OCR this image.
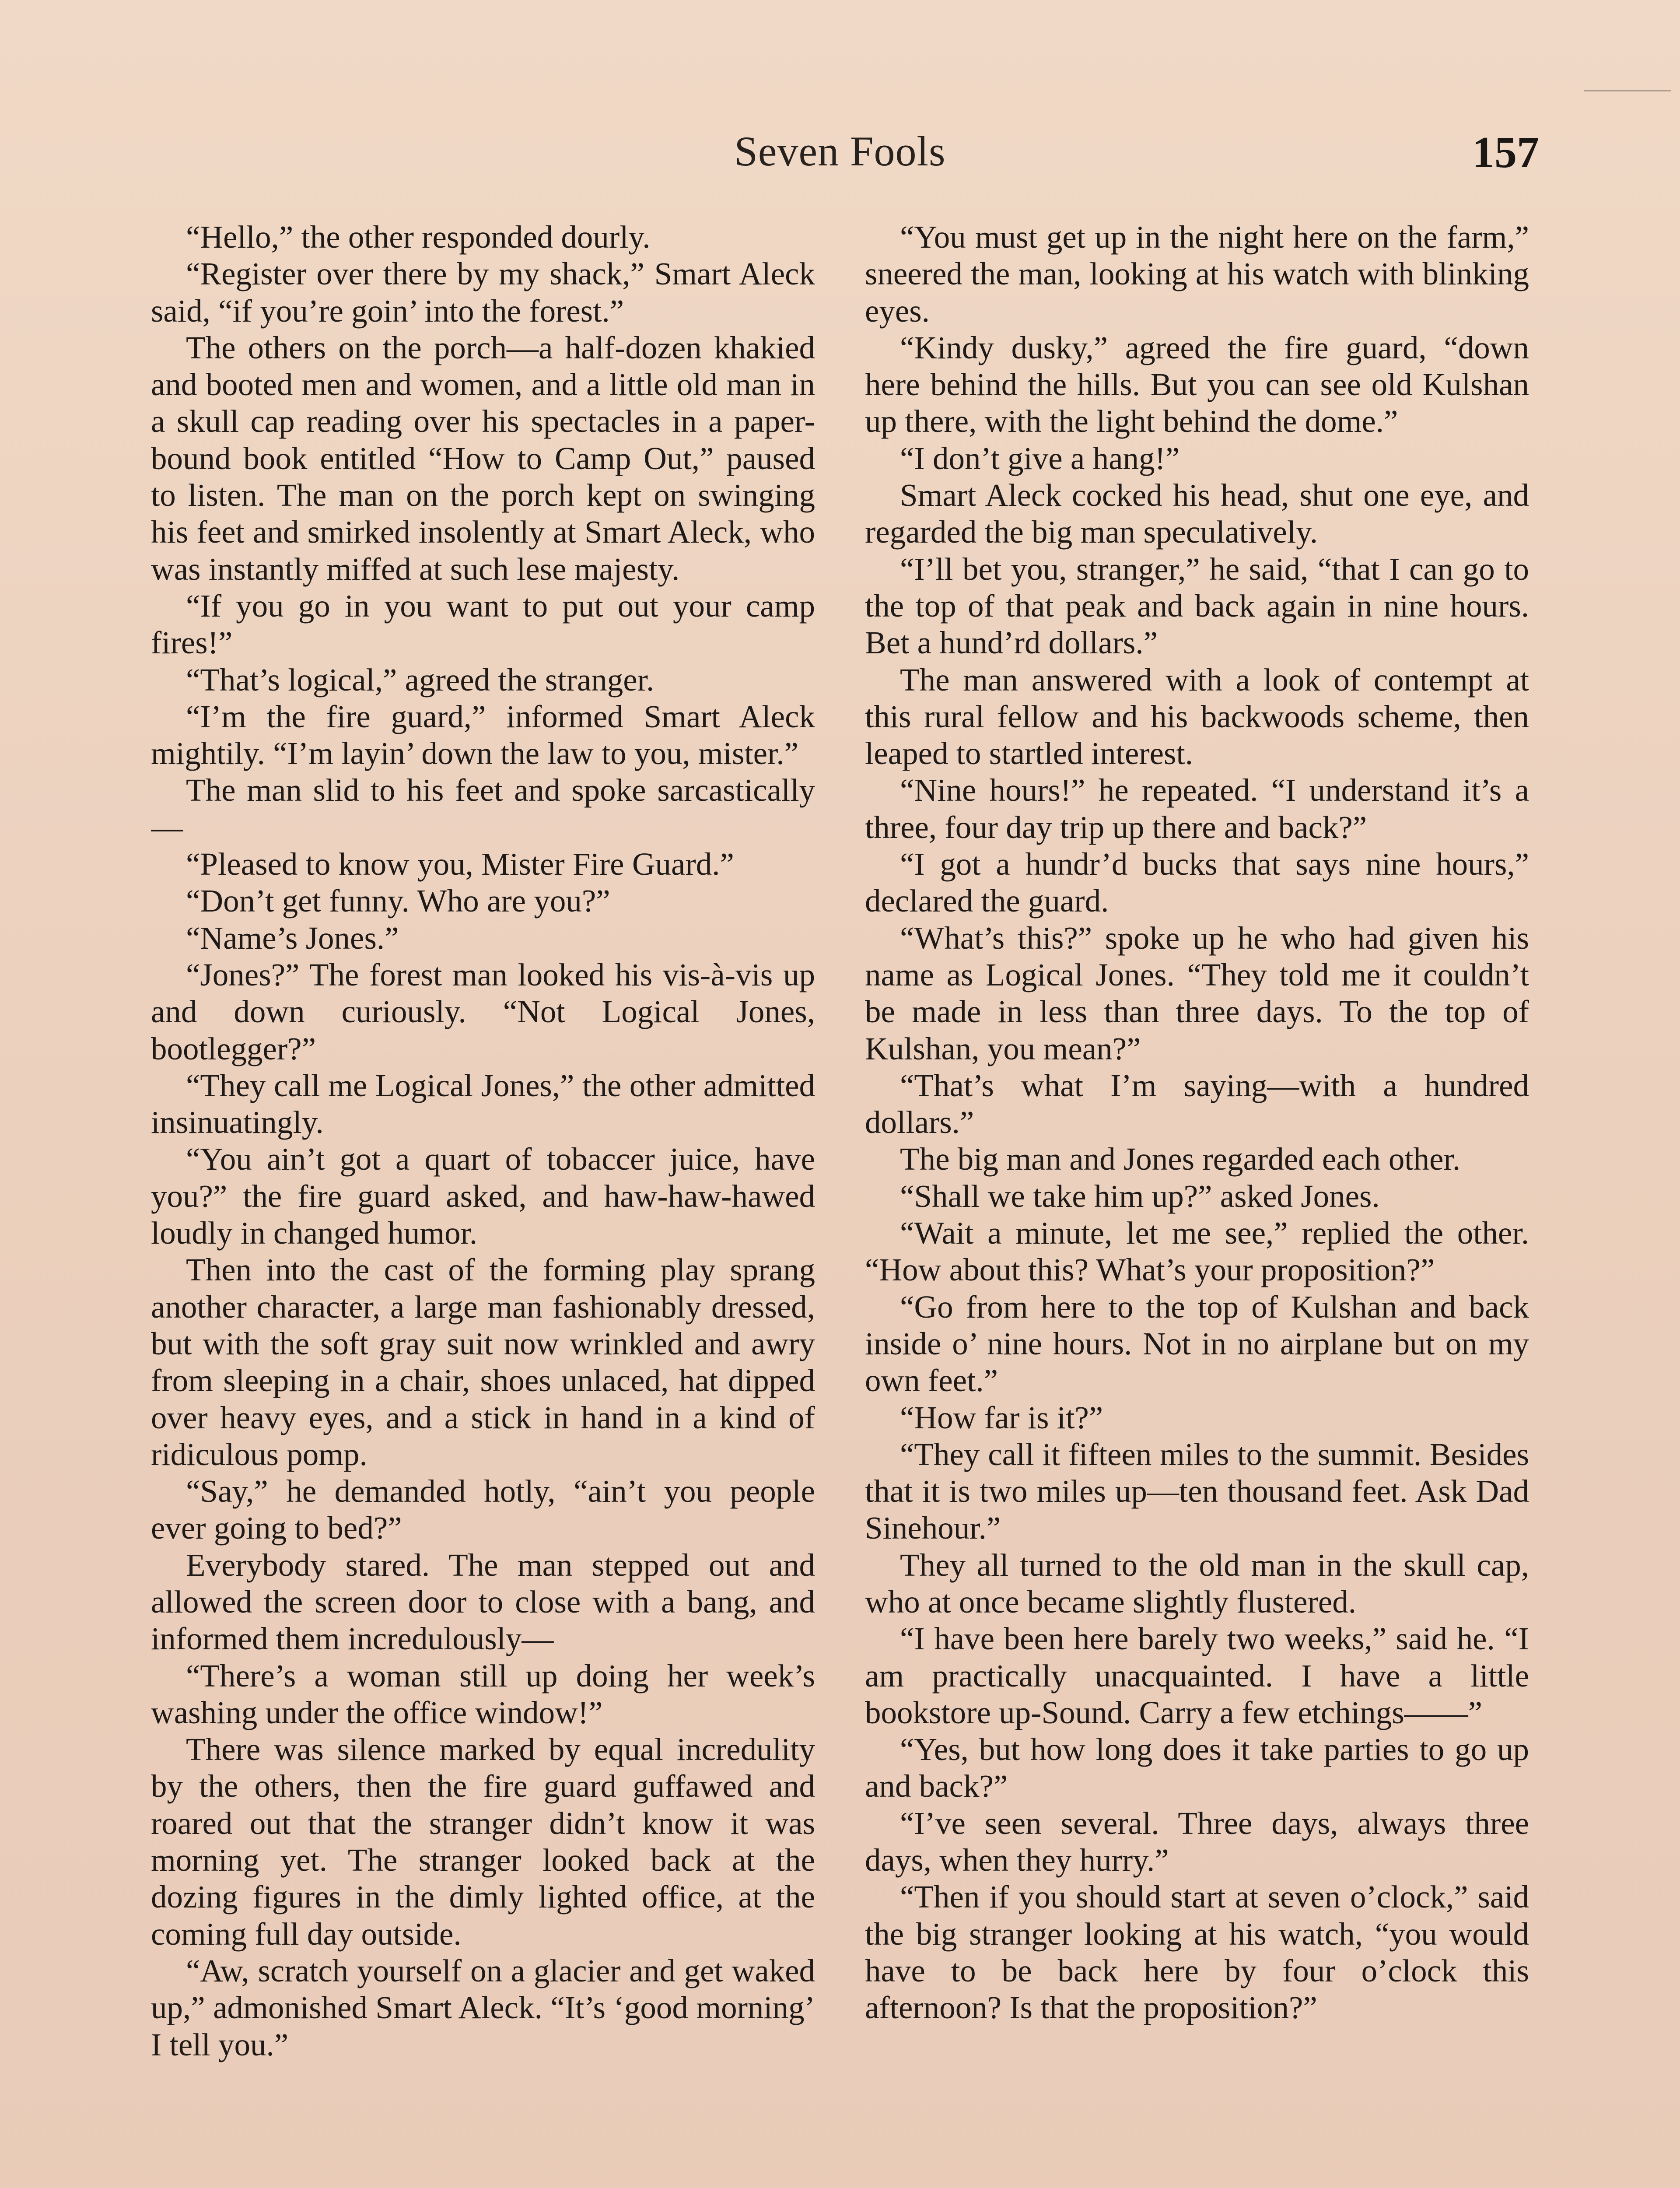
Seven Fools	157

“Hello,” the other responded dourly.

“Register over there by my shack,” Smart Aleck said, “if you’re goin’ into the forest.”

The others on the porch—a half-dozen khakied and booted men and women, and a little old man in a skull cap reading over his spectacles in a paper-bound book entitled “How to Camp Out,” paused to listen. The man on the porch kept on swinging his feet and smirked insolently at Smart Aleck, who was instantly miffed at such lese majesty.

“If you go in you want to put out your camp fires!”

“That’s logical,” agreed the stranger.

“I’m the fire guard,” informed Smart Aleck mightily. “I’m layin’ down the law to you, mister.”

The man slid to his feet and spoke sarcastically—

“Pleased to know you, Mister Fire Guard.”

“Don’t get funny. Who are you?”

“Name’s Jones.”

“Jones?” The forest man looked his vis-à-vis up and down curiously. “Not Logical Jones, bootlegger?”

“They call me Logical Jones,” the other admitted insinuatingly.

“You ain’t got a quart of tobaccer juice, have you?” the fire guard asked, and haw-haw-hawed loudly in changed humor.

Then into the cast of the forming play sprang another character, a large man fashionably dressed, but with the soft gray suit now wrinkled and awry from sleeping in a chair, shoes unlaced, hat dipped over heavy eyes, and a stick in hand in a kind of ridiculous pomp.

“Say,” he demanded hotly, “ain’t you people ever going to bed?”

Everybody stared. The man stepped out and allowed the screen door to close with a bang, and informed them incredulously—

“There’s a woman still up doing her week’s washing under the office window!”

There was silence marked by equal incredulity by the others, then the fire guard guffawed and roared out that the stranger didn’t know it was morning yet. The stranger looked back at the dozing figures in the dimly lighted office, at the coming full day outside.

“Aw, scratch yourself on a glacier and get waked up,” admonished Smart Aleck. “It’s ‘good morning’ I tell you.”

“You must get up in the night here on the farm,” sneered the man, looking at his watch with blinking eyes.

“Kindy dusky,” agreed the fire guard, “down here behind the hills. But you can see old Kulshan up there, with the light behind the dome.”

“I don’t give a hang!”

Smart Aleck cocked his head, shut one eye, and regarded the big man speculatively.

“I’ll bet you, stranger,” he said, “that I can go to the top of that peak and back again in nine hours. Bet a hund’rd dollars.”

The man answered with a look of contempt at this rural fellow and his backwoods scheme, then leaped to startled interest.

“Nine hours!” he repeated. “I understand it’s a three, four day trip up there and back?”

“I got a hundr’d bucks that says nine hours,” declared the guard.

“What’s this?” spoke up he who had given his name as Logical Jones. “They told me it couldn’t be made in less than three days. To the top of Kulshan, you mean?”

“That’s what I’m saying—with a hundred dollars.”

The big man and Jones regarded each other.

“Shall we take him up?” asked Jones.

“Wait a minute, let me see,” replied the other. “How about this? What’s your proposition?”

“Go from here to the top of Kulshan and back inside o’ nine hours. Not in no airplane but on my own feet.”

“How far is it?”

“They call it fifteen miles to the summit. Besides that it is two miles up—ten thousand feet. Ask Dad Sinehour.”

They all turned to the old man in the skull cap, who at once became slightly flustered.

“I have been here barely two weeks,” said he. “I am practically unacquainted. I have a little bookstore up-Sound. Carry a few etchings——”

“Yes, but how long does it take parties to go up and back?”

“I’ve seen several. Three days, always three days, when they hurry.”

“Then if you should start at seven o’clock,” said the big stranger looking at his watch, “you would have to be back here by four o’clock this afternoon? Is that the proposition?”
